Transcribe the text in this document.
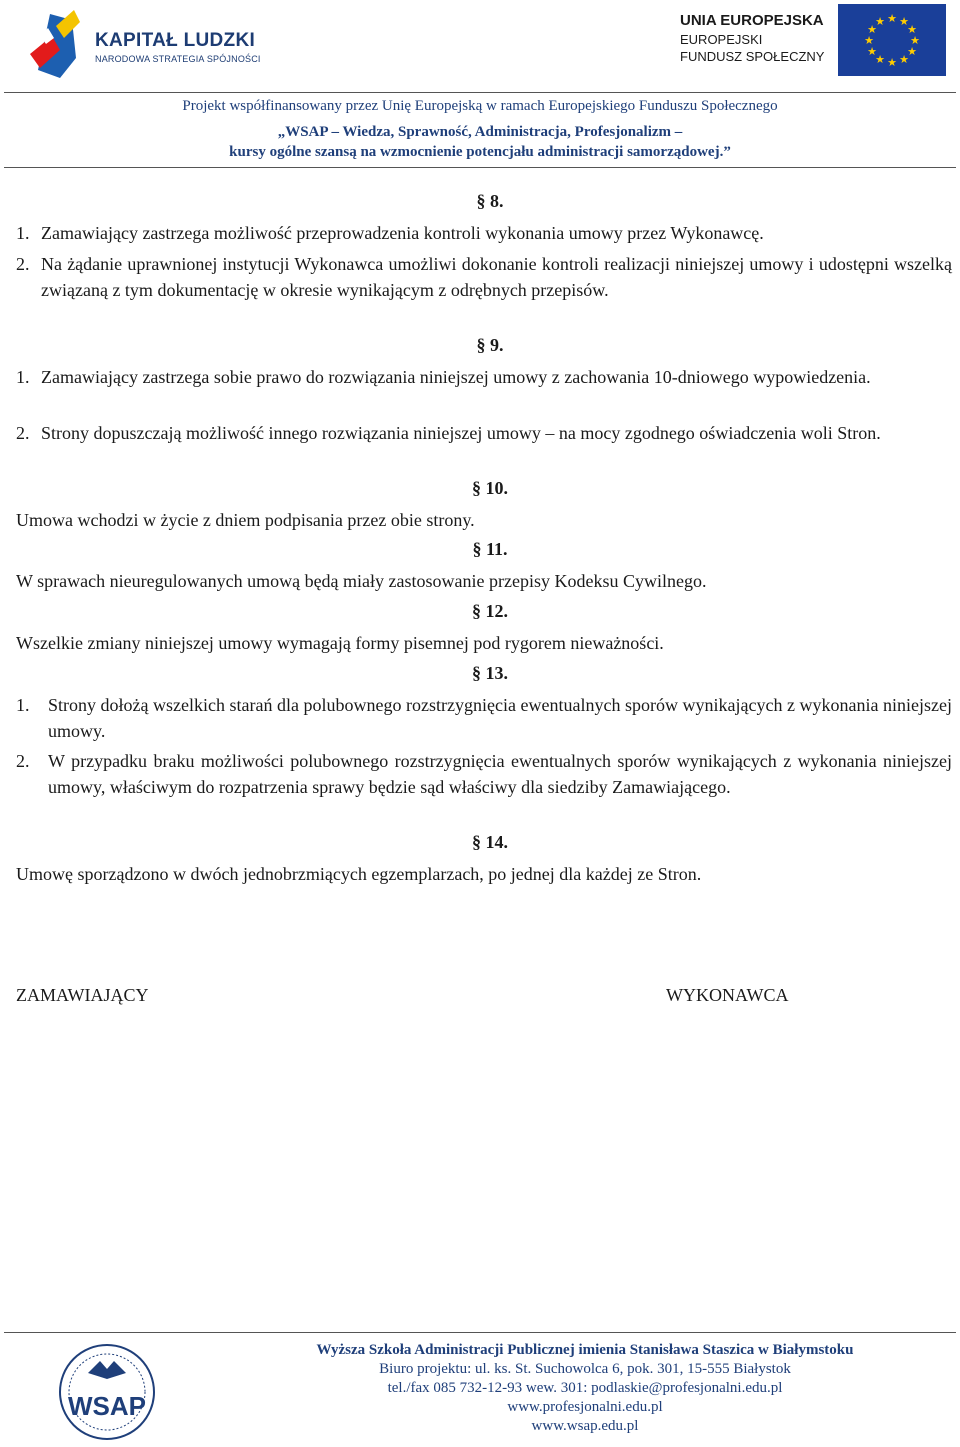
KAPITAŁ LUDZKI
NARODOWA STRATEGIA SPÓJNOŚCI
UNIA EUROPEJSKA
EUROPEJSKI
FUNDUSZ SPOŁECZNY
★ ★
★
★
★
★
★
★
★
★
★
★
Projekt współfinansowany przez Unię Europejską w ramach Europejskiego Funduszu Społecznego
„WSAP – Wiedza, Sprawność, Administracja, Profesjonalizm –
kursy ogólne szansą na wzmocnienie potencjału administracji samorządowej.”
§ 8.
1. Zamawiający zastrzega możliwość przeprowadzenia kontroli wykonania umowy przez Wykonawcę.
2. Na żądanie uprawnionej instytucji Wykonawca umożliwi dokonanie kontroli realizacji niniejszej umowy i udostępni wszelką związaną z tym dokumentację w okresie wynikającym z odrębnych przepisów.
§ 9.
1. Zamawiający zastrzega sobie prawo do rozwiązania niniejszej umowy z zachowania 10-dniowego wypowiedzenia.
2. Strony dopuszczają możliwość innego rozwiązania niniejszej umowy – na mocy zgodnego oświadczenia woli Stron.
§ 10.
Umowa wchodzi w życie z dniem podpisania przez obie strony.
§ 11.
W sprawach nieuregulowanych umową będą miały zastosowanie przepisy Kodeksu Cywilnego.
§ 12.
Wszelkie zmiany niniejszej umowy wymagają formy pisemnej pod rygorem nieważności.
§ 13.
1. Strony dołożą wszelkich starań dla polubownego rozstrzygnięcia ewentualnych sporów wynikających z wykonania niniejszej umowy.
2. W przypadku braku możliwości polubownego rozstrzygnięcia ewentualnych sporów wynikających z wykonania niniejszej umowy, właściwym do rozpatrzenia sprawy będzie sąd właściwy dla siedziby Zamawiającego.
§ 14.
Umowę sporządzono w dwóch jednobrzmiących egzemplarzach, po jednej dla każdej ze Stron.
ZAMAWIAJĄCY	WYKONAWCA
WSAP
Wyższa Szkoła Administracji Publicznej imienia Stanisława Staszica w Białymstoku
Biuro projektu: ul. ks. St. Suchowolca 6, pok. 301, 15-555 Białystok
tel./fax 085 732-12-93 wew. 301: podlaskie@profesjonalni.edu.pl
www.profesjonalni.edu.pl
www.wsap.edu.pl
